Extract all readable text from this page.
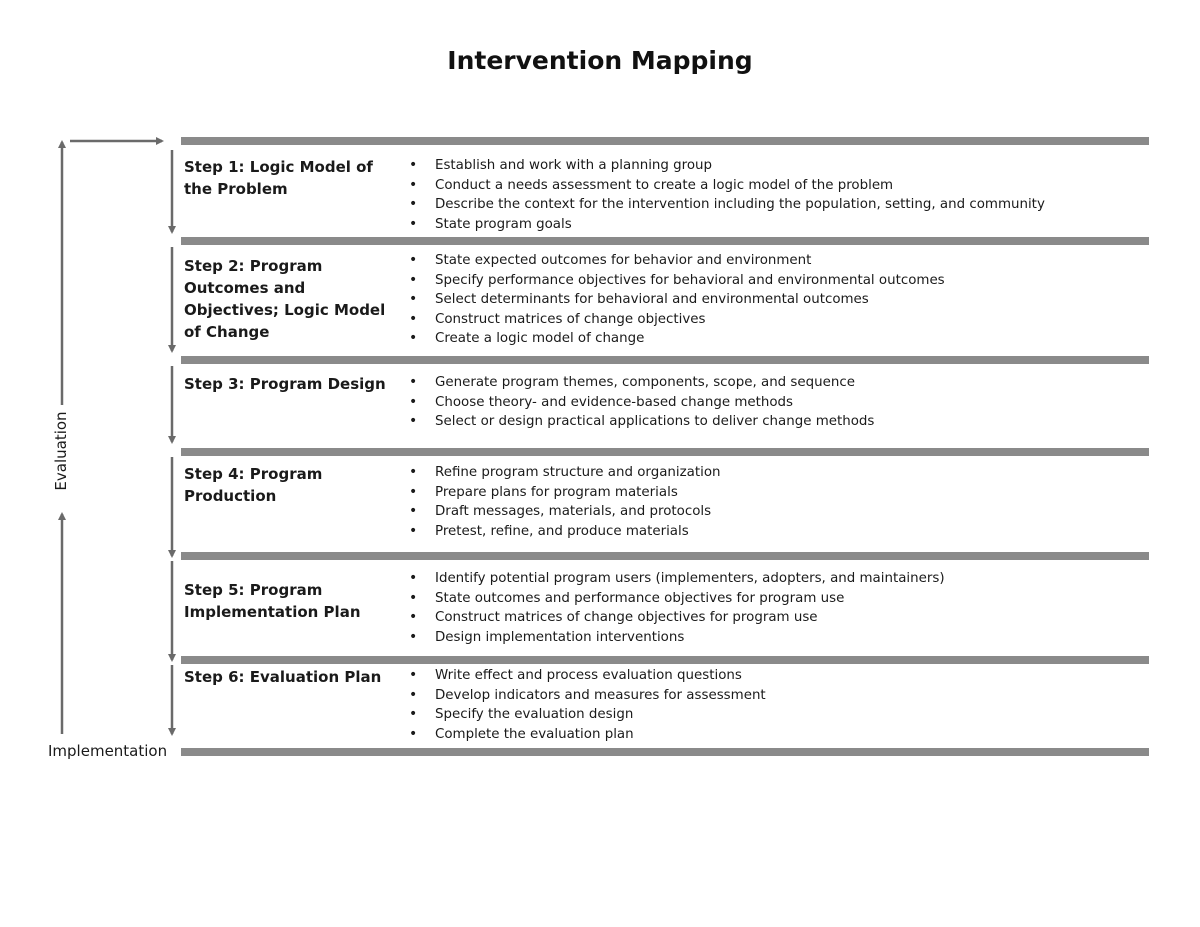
Intervention Mapping
Evaluation
Implementation
Step 1: Logic Model of the Problem
• Establish and work with a planning group
• Conduct a needs assessment to create a logic model of the problem
• Describe the context for the intervention including the population, setting, and community
• State program goals
Step 2: Program Outcomes and Objectives; Logic Model of Change
• State expected outcomes for behavior and environment
• Specify performance objectives for behavioral and environmental outcomes
• Select determinants for behavioral and environmental outcomes
• Construct matrices of change objectives
• Create a logic model of change
Step 3: Program Design	• Generate program themes, components, scope, and sequence
• Choose theory- and evidence-based change methods
• Select or design practical applications to deliver change methods
Step 4: Program Production
• Refine program structure and organization
• Prepare plans for program materials
• Draft messages, materials, and protocols
• Pretest, refine, and produce materials
Step 5: Program Implementation Plan
• Identify potential program users (implementers, adopters, and maintainers)
• State outcomes and performance objectives for program use
• Construct matrices of change objectives for program use
• Design implementation interventions
Step 6: Evaluation Plan	• Write effect and process evaluation questions
• Develop indicators and measures for assessment
• Specify the evaluation design
• Complete the evaluation plan
